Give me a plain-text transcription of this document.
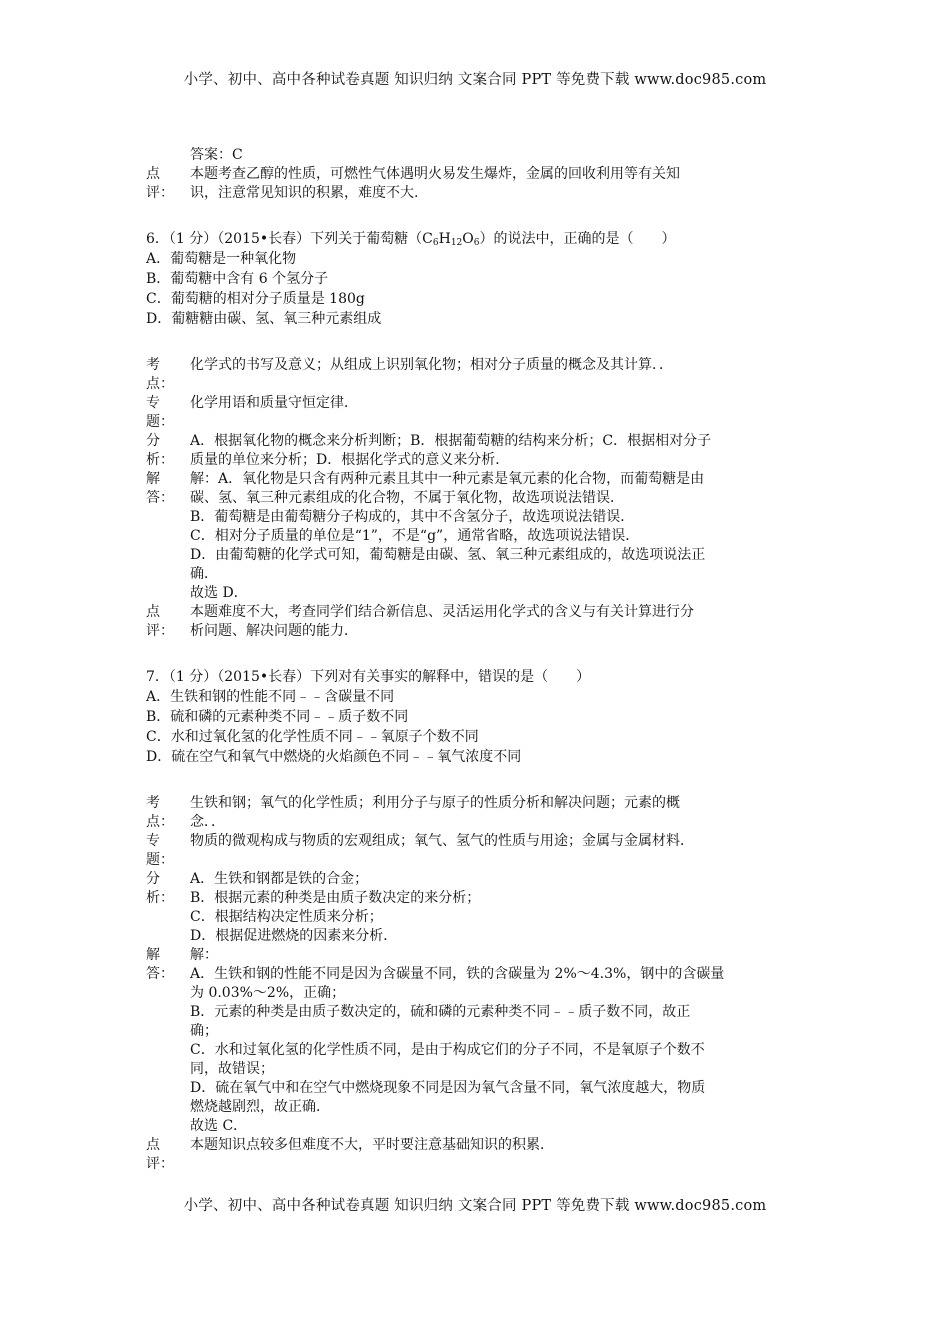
小学、初中、高中各种试卷真题 知识归纳 文案合同 PPT 等免费下载 www.doc985.com
答案：C
点 本题考查乙醇的性质，可燃性气体遇明火易发生爆炸，金属的回收利用等有关知
评： 识，注意常见知识的积累，难度不大.
6．（1 分）（2015•长春）下列关于葡萄糖$(C_6H_{12}O_6)$的说法中，正确的是（　　）
A．葡萄糖是一种氧化物
B．葡萄糖中含有 6 个氢分子
C．葡萄糖的相对分子质量是 180g
D．葡糖糖由碳、氢、氧三种元素组成
考 化学式的书写及意义；从组成上识别氧化物；相对分子质量的概念及其计算．．
点：
专 化学用语和质量守恒定律．
题：
分 A．根据氧化物的概念来分析判断；B．根据葡萄糖的结构来分析；C．根据相对分子
析： 质量的单位来分析；D．根据化学式的意义来分析．
解 解：A．氧化物是只含有两种元素且其中一种元素是氧元素的化合物，而葡萄糖是由
答： 碳、氢、氧三种元素组成的化合物，不属于氧化物，故选项说法错误．
B．葡萄糖是由葡萄糖分子构成的，其中不含氢分子，故选项说法错误．
C．相对分子质量的单位是“1”，不是“g”，通常省略，故选项说法错误．
D．由葡萄糖的化学式可知，葡萄糖是由碳、氢、氧三种元素组成的，故选项说法正
确．
故选 D．
点 本题难度不大，考查同学们结合新信息、灵活运用化学式的含义与有关计算进行分
评： 析问题、解决问题的能力．
7．（1 分）（2015•长春）下列对有关事实的解释中，错误的是（　　）
A．生铁和钢的性能不同﹣﹣含碳量不同
B．硫和磷的元素种类不同﹣﹣质子数不同
C．水和过氧化氢的化学性质不同﹣﹣氧原子个数不同
D．硫在空气和氧气中燃烧的火焰颜色不同﹣﹣氧气浓度不同
考 生铁和钢；氧气的化学性质；利用分子与原子的性质分析和解决问题；元素的概
点： 念．．
专 物质的微观构成与物质的宏观组成；氧气、氢气的性质与用途；金属与金属材料．
题：
分 A．生铁和钢都是铁的合金；
析： B．根据元素的种类是由质子数决定的来分析；
C．根据结构决定性质来分析；
D．根据促进燃烧的因素来分析．
解 解：
答： A．生铁和钢的性能不同是因为含碳量不同，铁的含碳量为 2%～4.3%，钢中的含碳量
为 0.03%～2%，正确；
B．元素的种类是由质子数决定的，硫和磷的元素种类不同﹣﹣质子数不同，故正
确；
C．水和过氧化氢的化学性质不同，是由于构成它们的分子不同，不是氧原子个数不
同，故错误；
D．硫在氧气中和在空气中燃烧现象不同是因为氧气含量不同，氧气浓度越大，物质
燃烧越剧烈，故正确．
故选 C．
点 本题知识点较多但难度不大，平时要注意基础知识的积累．
评：
小学、初中、高中各种试卷真题 知识归纳 文案合同 PPT 等免费下载 www.doc985.com
